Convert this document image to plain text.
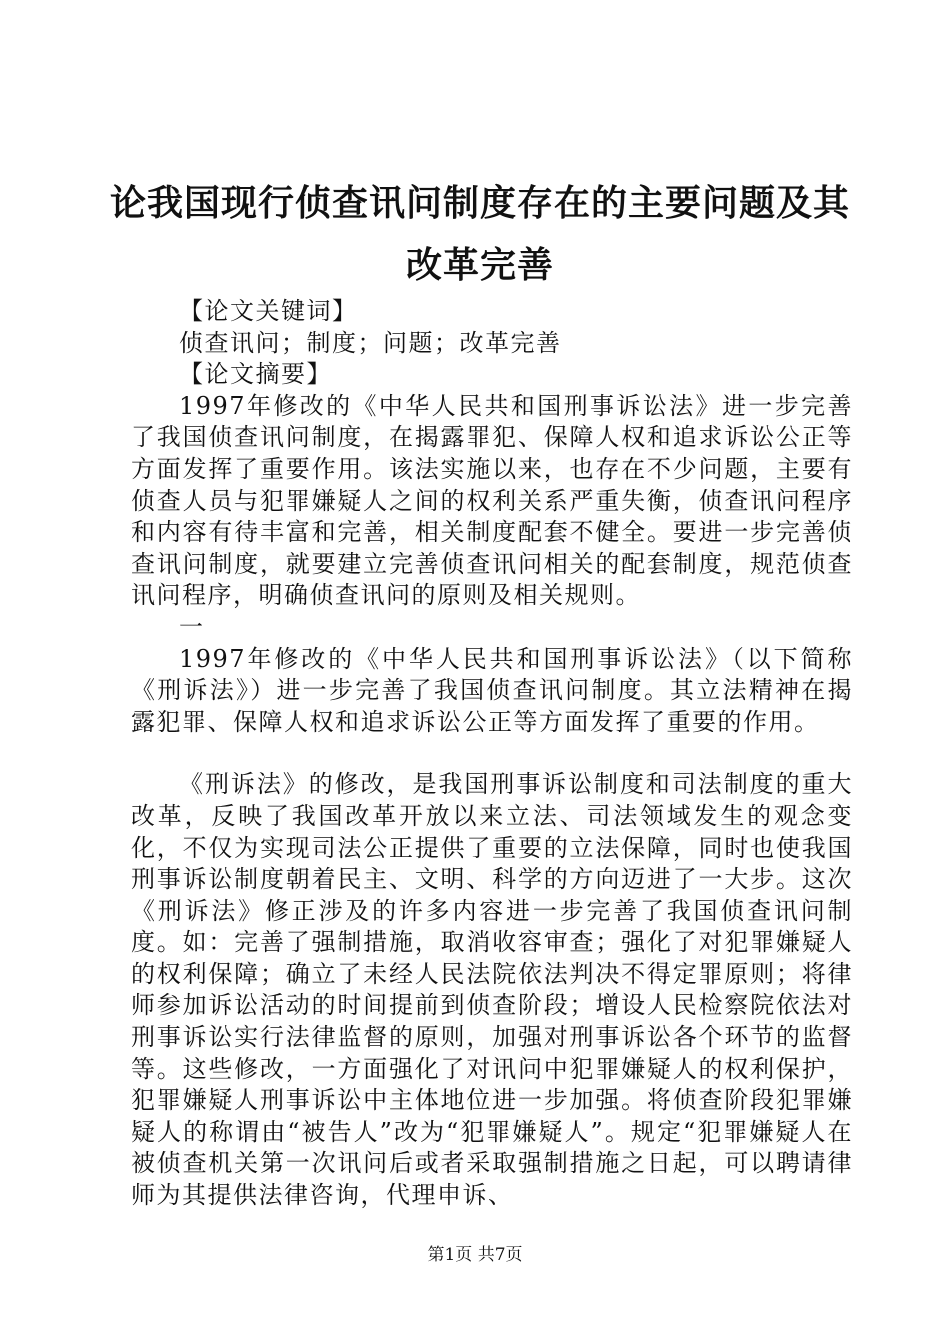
论我国现行侦查讯问制度存在的主要问题及其改革完善

【论文关键词】

侦查讯问；制度；问题；改革完善

【论文摘要】

1997年修改的《中华人民共和国刑事诉讼法》进一步完善了我国侦查讯问制度，在揭露罪犯、保障人权和追求诉讼公正等方面发挥了重要作用。该法实施以来，也存在不少问题，主要有侦查人员与犯罪嫌疑人之间的权利关系严重失衡，侦查讯问程序和内容有待丰富和完善，相关制度配套不健全。要进一步完善侦查讯问制度，就要建立完善侦查讯问相关的配套制度，规范侦查讯问程序，明确侦查讯问的原则及相关规则。

一

1997年修改的《中华人民共和国刑事诉讼法》（以下简称《刑诉法》）进一步完善了我国侦查讯问制度。其立法精神在揭露犯罪、保障人权和追求诉讼公正等方面发挥了重要的作用。

《刑诉法》的修改，是我国刑事诉讼制度和司法制度的重大改革，反映了我国改革开放以来立法、司法领域发生的观念变化，不仅为实现司法公正提供了重要的立法保障，同时也使我国刑事诉讼制度朝着民主、文明、科学的方向迈进了一大步。这次《刑诉法》修正涉及的许多内容进一步完善了我国侦查讯问制度。如：完善了强制措施，取消收容审查；强化了对犯罪嫌疑人的权利保障；确立了未经人民法院依法判决不得定罪原则；将律师参加诉讼活动的时间提前到侦查阶段；增设人民检察院依法对刑事诉讼实行法律监督的原则，加强对刑事诉讼各个环节的监督等。这些修改，一方面强化了对讯问中犯罪嫌疑人的权利保护，犯罪嫌疑人刑事诉讼中主体地位进一步加强。将侦查阶段犯罪嫌疑人的称谓由“被告人”改为“犯罪嫌疑人”。规定“犯罪嫌疑人在被侦查机关第一次讯问后或者采取强制措施之日起，可以聘请律师为其提供法律咨询，代理申诉、

第1页 共7页
